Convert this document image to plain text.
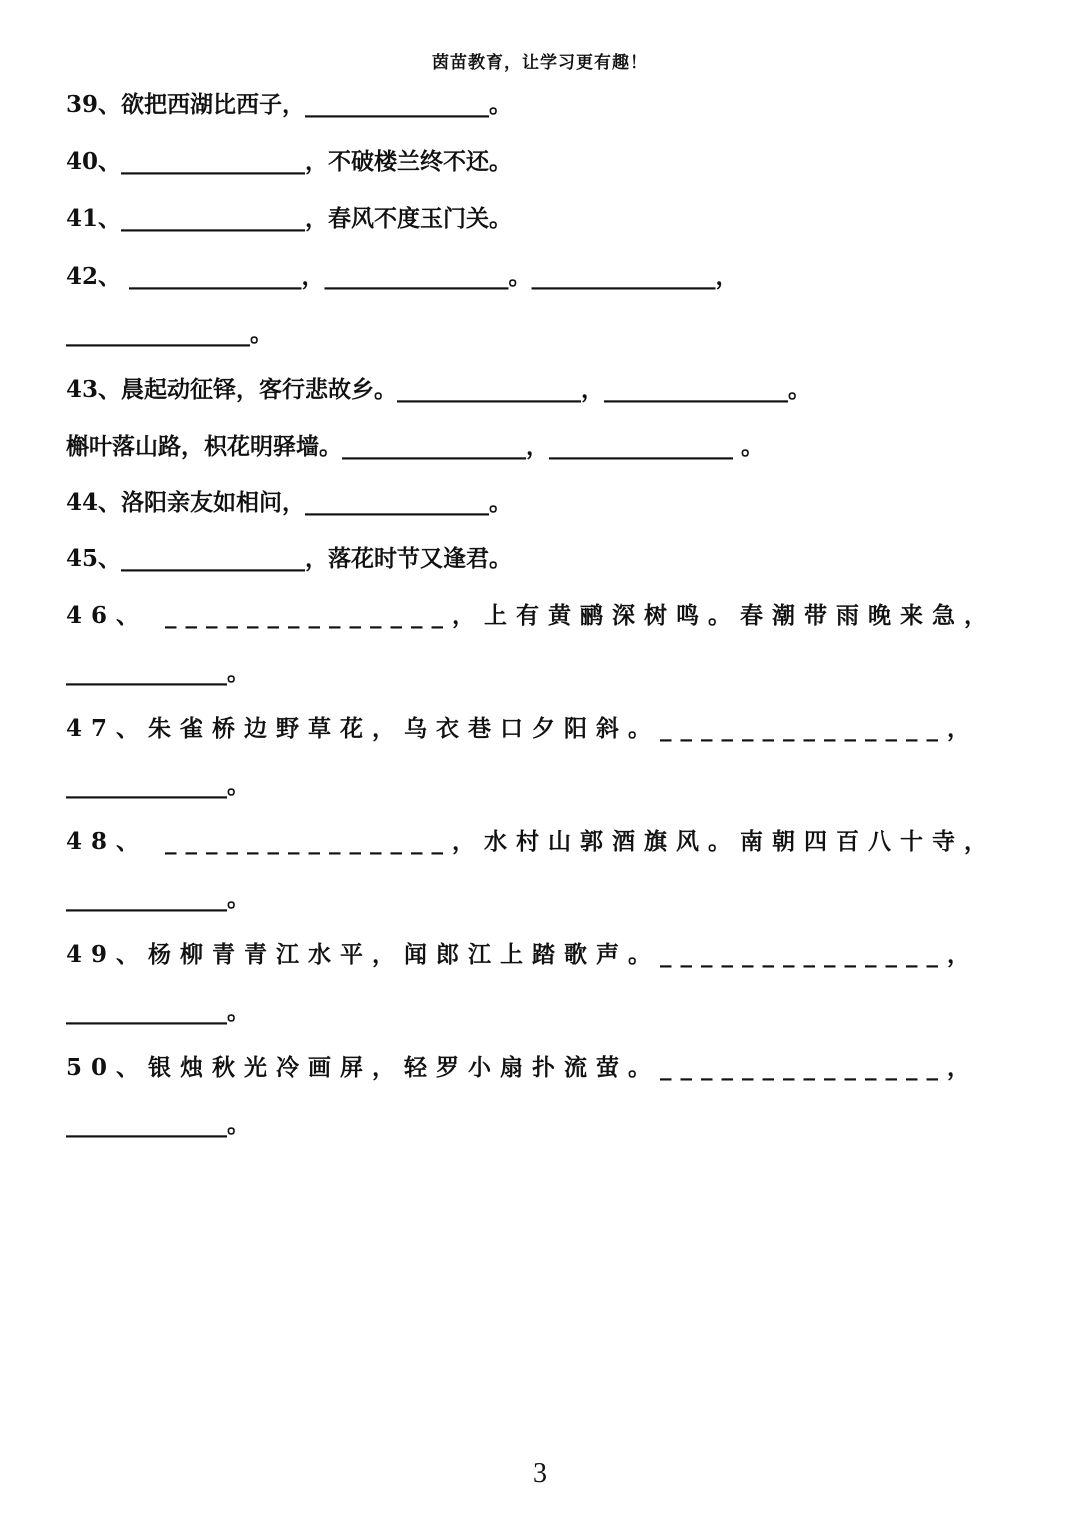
茵苗教育，让学习更有趣！
39、欲把西湖比西子，________________。
40、________________，不破楼兰终不还。
41、________________，春风不度玉门关。
42、 _______________，________________。________________，
________________。
43、晨起动征铎，客行悲故乡。________________，________________。
槲叶落山路，枳花明驿墙。________________，________________ 。
44、洛阳亲友如相问，________________。
45、________________，落花时节又逢君。
46、 ______________，上有黄鹂深树鸣。春潮带雨晚来急，
______________。
47、朱雀桥边野草花，乌衣巷口夕阳斜。______________，
______________。
48、 ______________，水村山郭酒旗风。南朝四百八十寺，
______________。
49、杨柳青青江水平，闻郎江上踏歌声。______________，
______________。
50、银烛秋光冷画屏，轻罗小扇扑流萤。______________，
______________。
3
